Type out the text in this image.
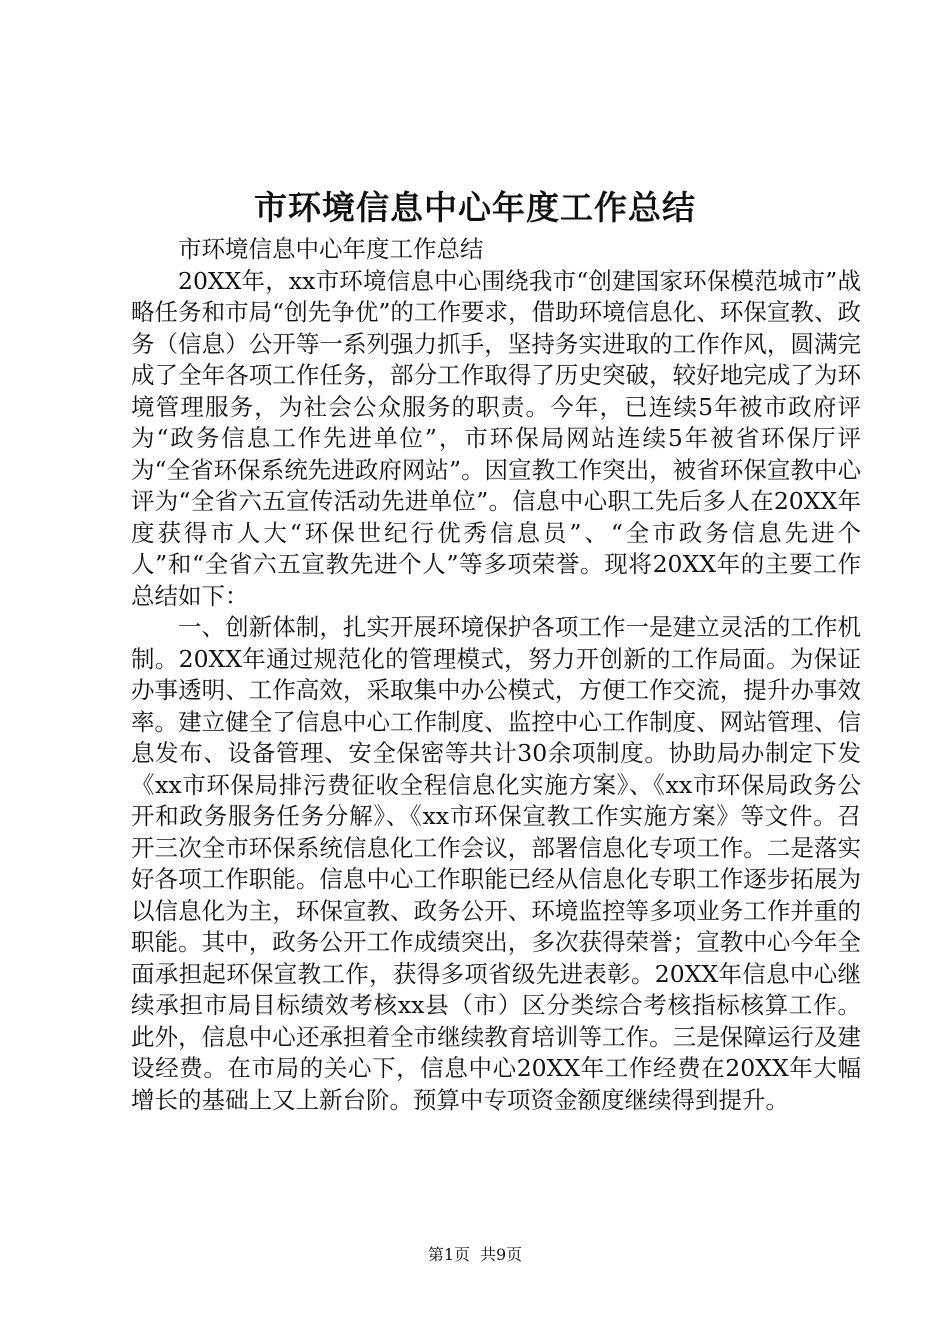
市环境信息中心年度工作总结

市环境信息中心年度工作总结

20XX年，xx市环境信息中心围绕我市“创建国家环保模范城市”战略任务和市局“创先争优”的工作要求，借助环境信息化、环保宣教、政务（信息）公开等一系列强力抓手，坚持务实进取的工作作风，圆满完成了全年各项工作任务，部分工作取得了历史突破，较好地完成了为环境管理服务，为社会公众服务的职责。今年，已连续5年被市政府评为“政务信息工作先进单位”，市环保局网站连续5年被省环保厅评为“全省环保系统先进政府网站”。因宣教工作突出，被省环保宣教中心评为“全省六五宣传活动先进单位”。信息中心职工先后多人在20XX年度获得市人大“环保世纪行优秀信息员”、“全市政务信息先进个人”和“全省六五宣教先进个人”等多项荣誉。现将20XX年的主要工作总结如下：

一、创新体制，扎实开展环境保护各项工作一是建立灵活的工作机制。20XX年通过规范化的管理模式，努力开创新的工作局面。为保证办事透明、工作高效，采取集中办公模式，方便工作交流，提升办事效率。建立健全了信息中心工作制度、监控中心工作制度、网站管理、信息发布、设备管理、安全保密等共计30余项制度。协助局办制定下发《xx市环保局排污费征收全程信息化实施方案》、《xx市环保局政务公开和政务服务任务分解》、《xx市环保宣教工作实施方案》等文件。召开三次全市环保系统信息化工作会议，部署信息化专项工作。二是落实好各项工作职能。信息中心工作职能已经从信息化专职工作逐步拓展为以信息化为主，环保宣教、政务公开、环境监控等多项业务工作并重的职能。其中，政务公开工作成绩突出，多次获得荣誉；宣教中心今年全面承担起环保宣教工作，获得多项省级先进表彰。20XX年信息中心继续承担市局目标绩效考核xx县（市）区分类综合考核指标核算工作。此外，信息中心还承担着全市继续教育培训等工作。三是保障运行及建设经费。在市局的关心下，信息中心20XX年工作经费在20XX年大幅增长的基础上又上新台阶。预算中专项资金额度继续得到提升。

第1页 共9页
